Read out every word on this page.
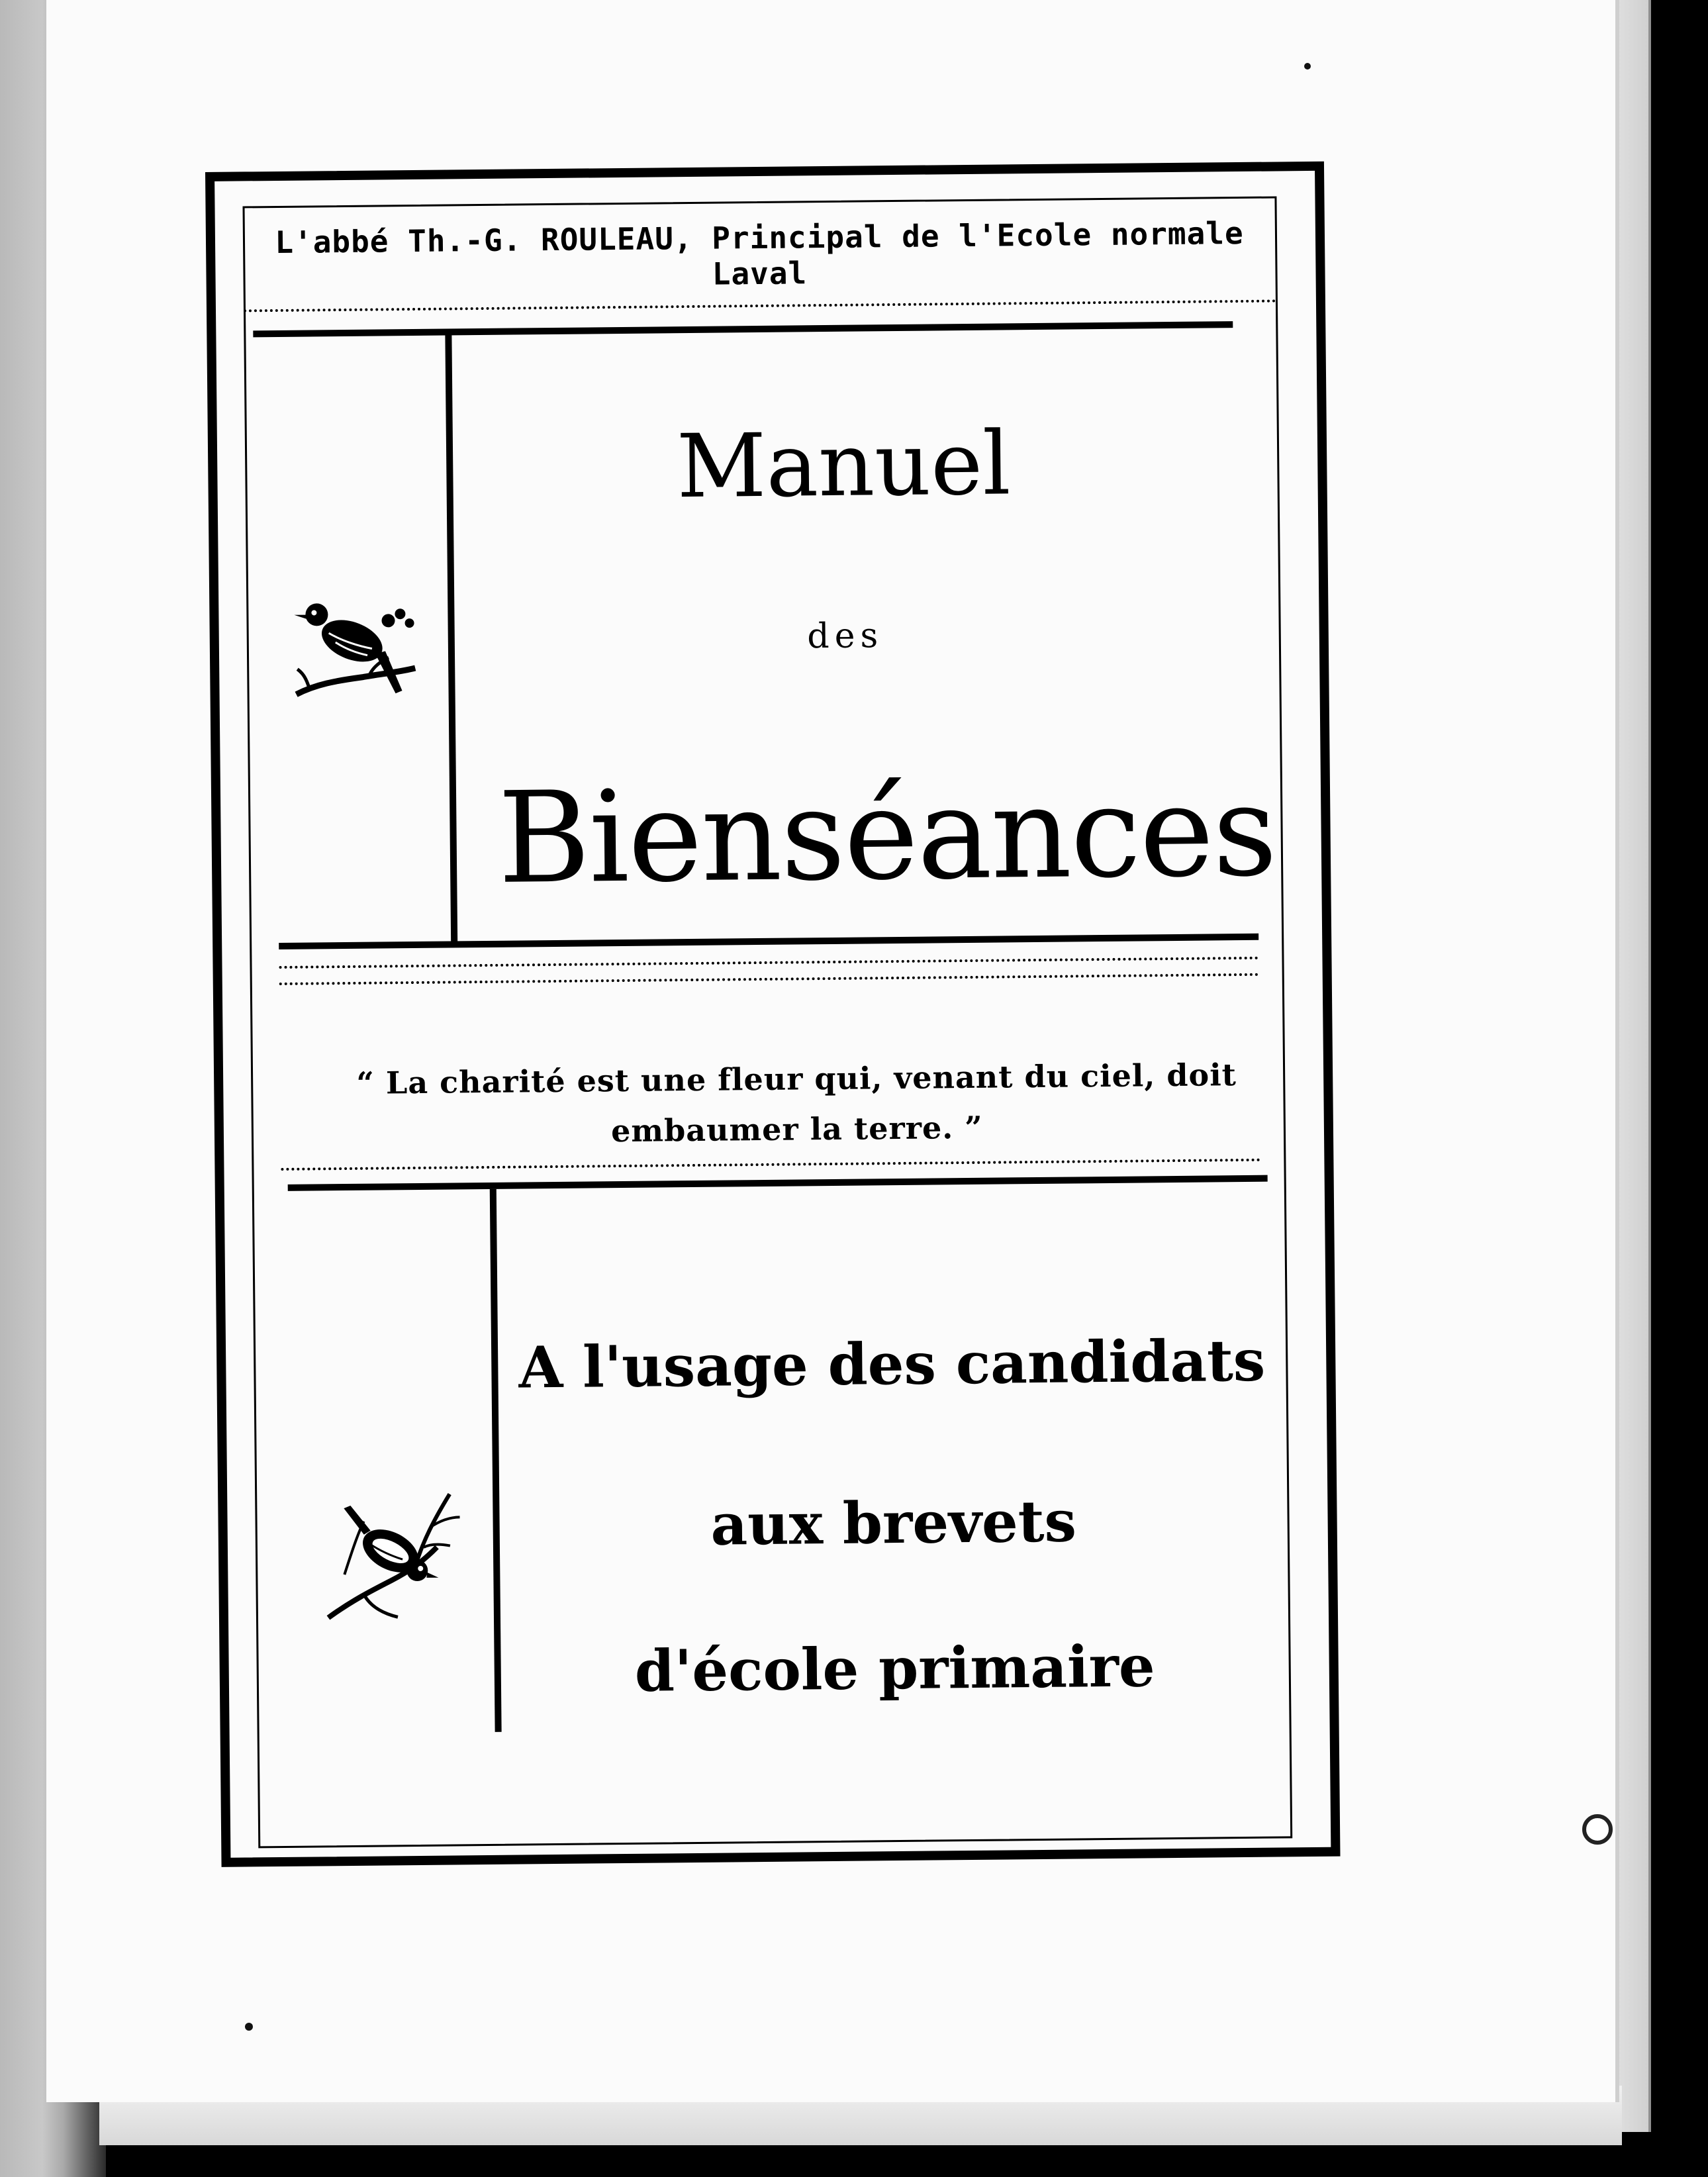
L'abbé Th.-G. ROULEAU, Principal de l'Ecole normale Laval
Manuel
des
Bienséances
“ La charité est une fleur qui, venant du ciel, doit
embaumer la terre. ”
A l'usage des candidats
aux brevets
d'école primaire
